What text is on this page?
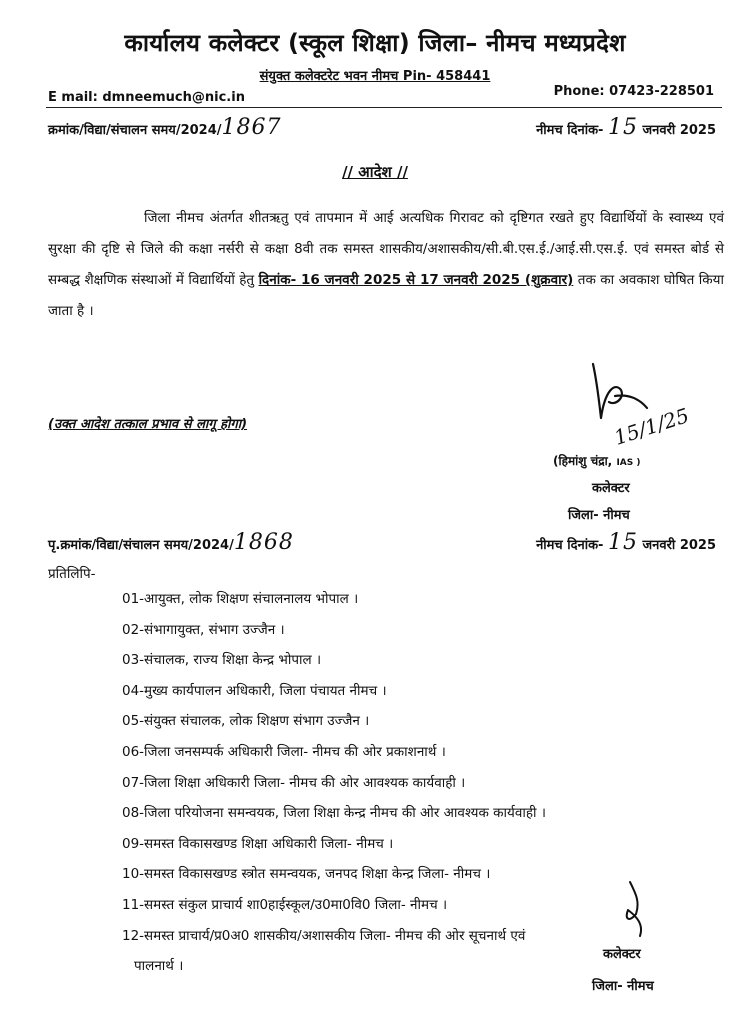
कार्यालय कलेक्टर (स्कूल शिक्षा) जिला– नीमच मध्यप्रदेश
संयुक्त कलेक्टरेट भवन नीमच Pin- 458441
E mail: dmneemuch@nic.in	Phone: 07423-228501
क्रमांक/विद्या/संचालन समय/2024/1867	नीमच दिनांक- 15 जनवरी 2025
// आदेश //
जिला नीमच अंतर्गत शीतऋतु एवं तापमान में आई अत्यधिक गिरावट को दृष्टिगत रखते हुए विद्यार्थियों के स्वास्थ्य एवं सुरक्षा की दृष्टि से जिले की कक्षा नर्सरी से कक्षा 8वी तक समस्त शासकीय/अशासकीय/सी.बी.एस.ई./आई.सी.एस.ई. एवं समस्त बोर्ड से सम्बद्ध शैक्षणिक संस्थाओं में विद्यार्थियों हेतु दिनांक- 16 जनवरी 2025 से 17 जनवरी 2025 (शुक्रवार) तक का अवकाश घोषित किया जाता है ।
(उक्त आदेश तत्काल प्रभाव से लागू होगा)	15/1/25
(हिमांशु चंद्रा, IAS )
कलेक्टर
जिला- नीमच
पृ.क्रमांक/विद्या/संचालन समय/2024/1868	नीमच दिनांक- 15 जनवरी 2025
प्रतिलिपि-
01-आयुक्त, लोक शिक्षण संचालनालय भोपाल ।
02-संभागायुक्त, संभाग उज्जैन ।
03-संचालक, राज्य शिक्षा केन्द्र भोपाल ।
04-मुख्य कार्यपालन अधिकारी, जिला पंचायत नीमच ।
05-संयुक्त संचालक, लोक शिक्षण संभाग उज्जैन ।
06-जिला जनसम्पर्क अधिकारी जिला- नीमच की ओर प्रकाशनार्थ ।
07-जिला शिक्षा अधिकारी जिला- नीमच की ओर आवश्यक कार्यवाही ।
08-जिला परियोजना समन्वयक, जिला शिक्षा केन्द्र नीमच की ओर आवश्यक कार्यवाही ।
09-समस्त विकासखण्ड शिक्षा अधिकारी जिला- नीमच ।
10-समस्त विकासखण्ड स्त्रोत समन्वयक, जनपद शिक्षा केन्द्र जिला- नीमच ।
11-समस्त संकुल प्राचार्य शा0हाईस्कूल/उ0मा0वि0 जिला- नीमच ।
12-समस्त प्राचार्य/प्र0अ0 शासकीय/अशासकीय जिला- नीमच की ओर सूचनार्थ एवं
पालनार्थ ।
कलेक्टर
जिला- नीमच
